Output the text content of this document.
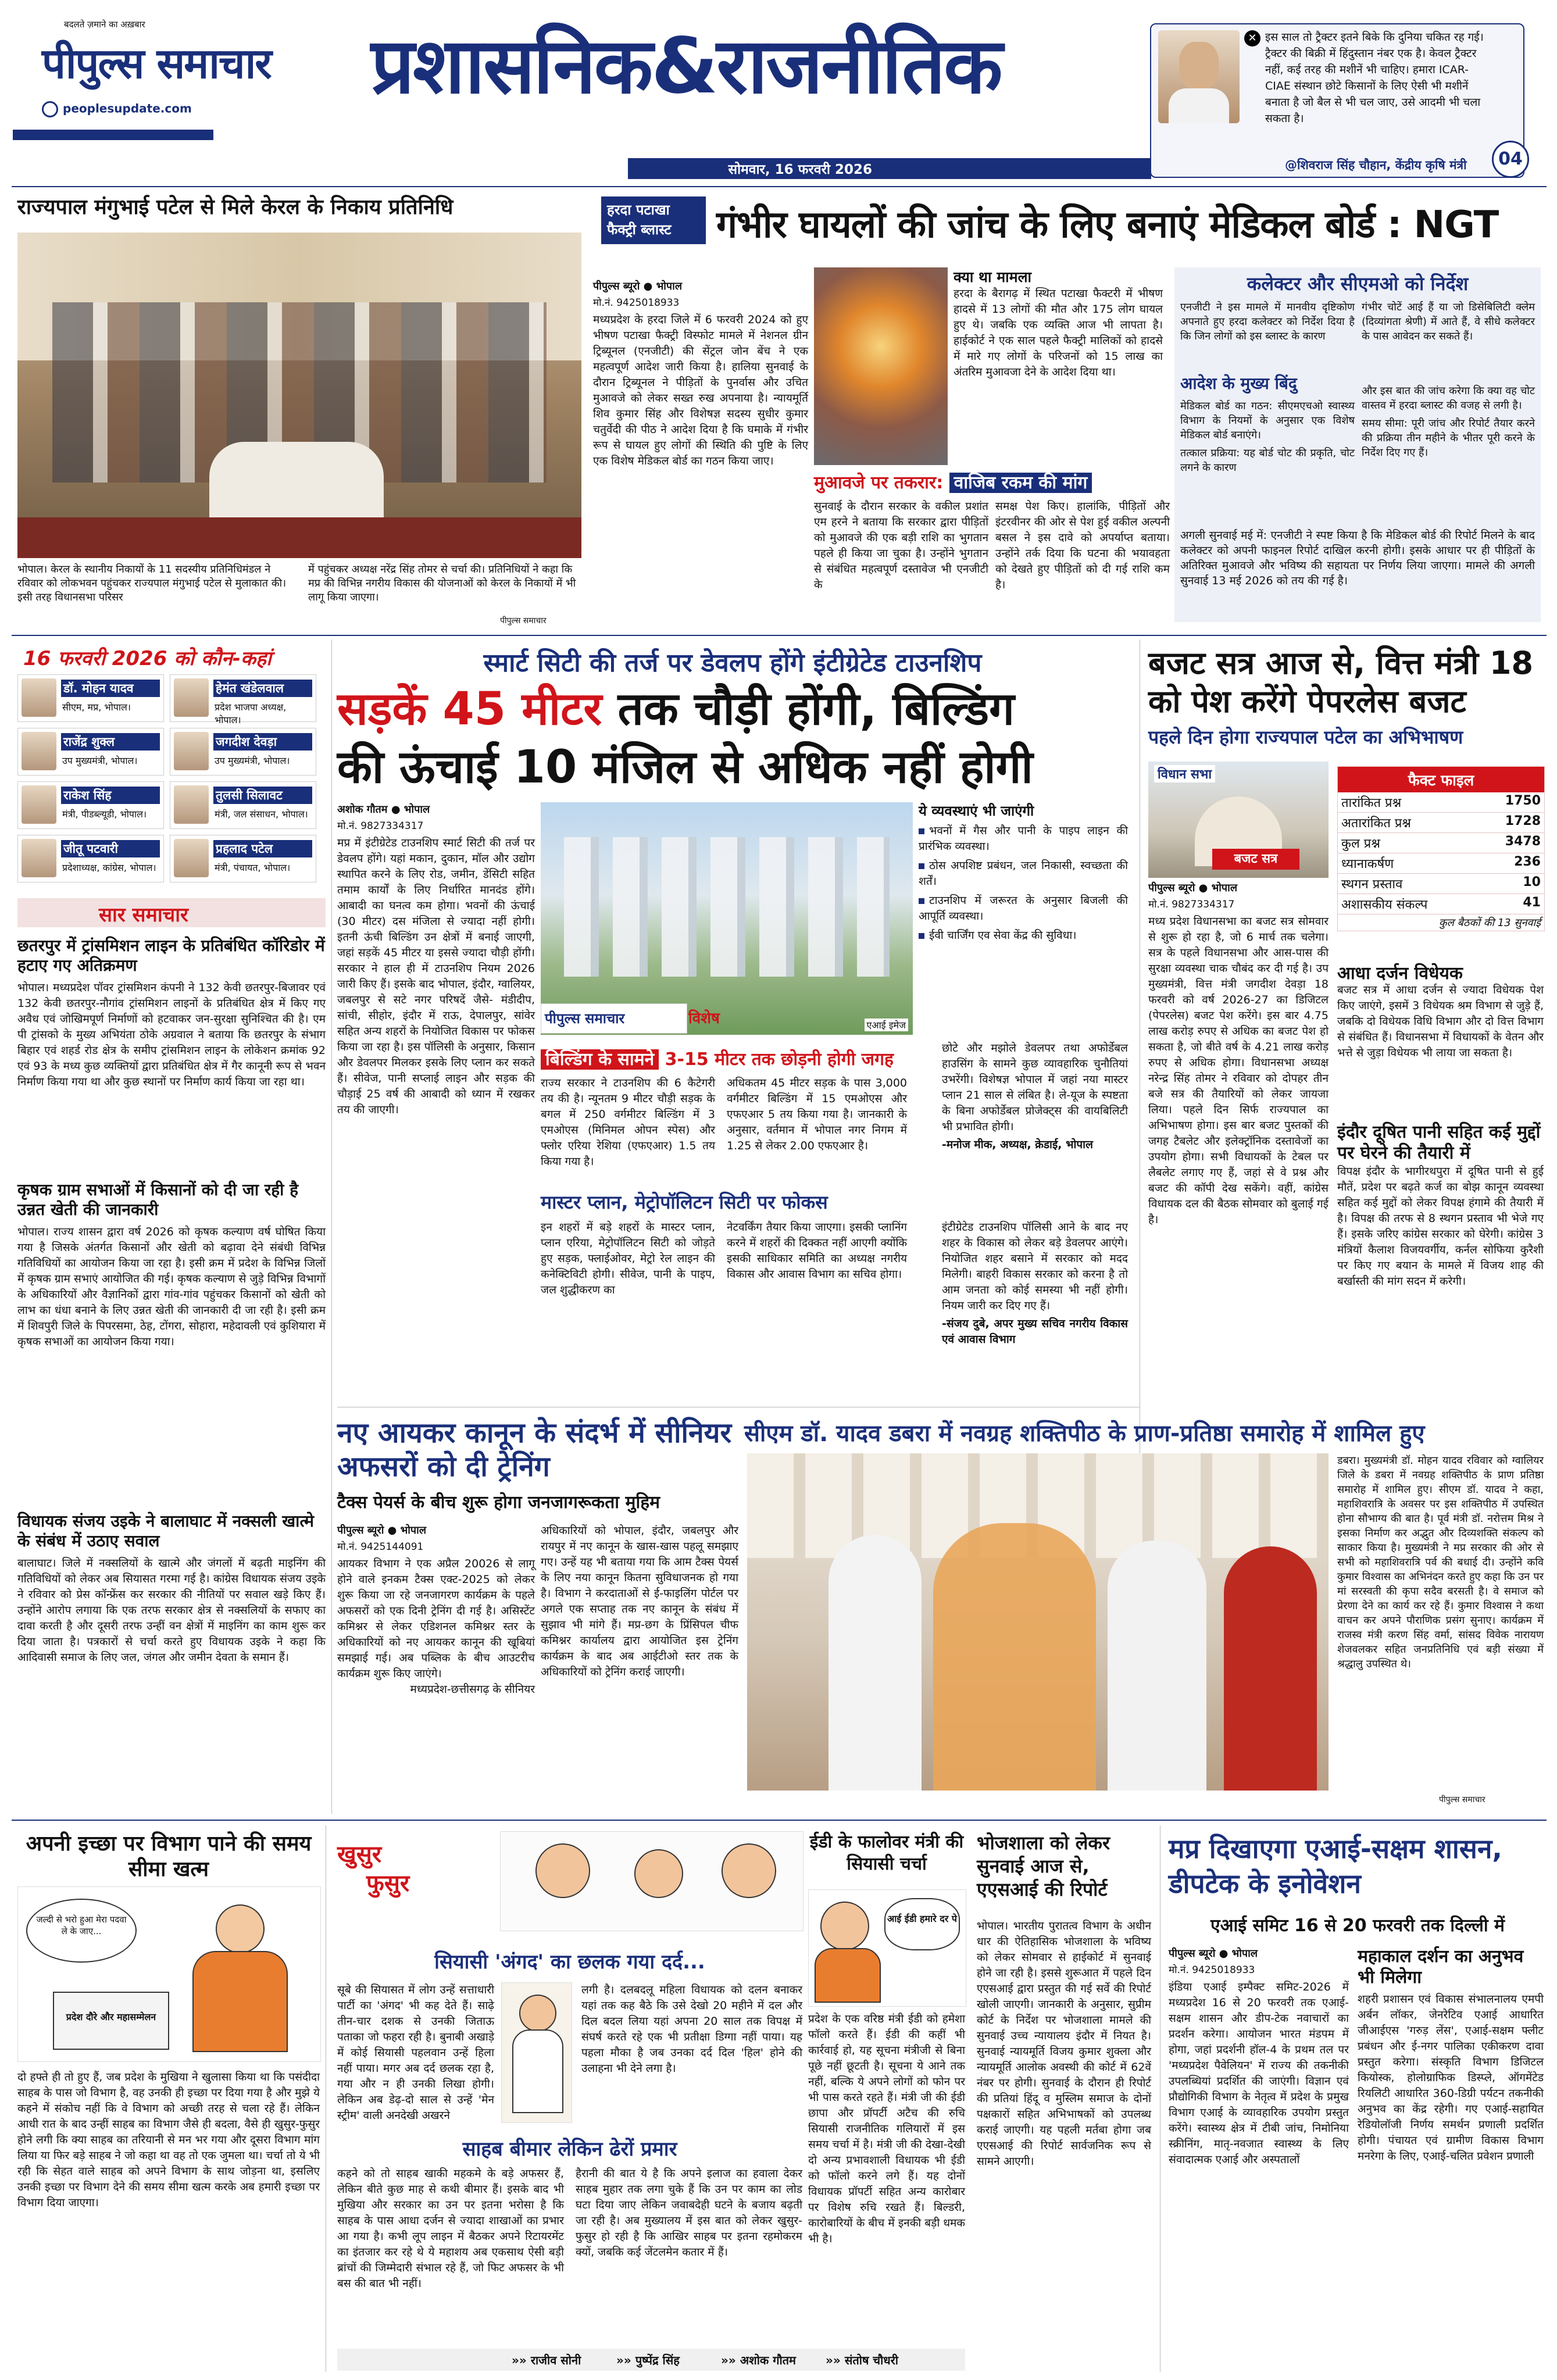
बदलते ज़माने का अख़बार
पीपुल्स समाचार
peoplesupdate.com प्रशासनिक&राजनीतिक
सोमवार, 16 फरवरी 2026
✕ इस साल तो ट्रैक्टर इतने बिके कि दुनिया चकित रह गई। ट्रैक्टर की बिक्री में हिंदुस्तान नंबर एक है। केवल ट्रैक्टर नहीं, कई तरह की मशीनें भी चाहिए। हमारा ICAR-CIAE संस्थान छोटे किसानों के लिए ऐसी भी मशीनें बनाता है जो बैल से भी चल जाए, उसे आदमी भी चला सकता है।
@शिवराज सिंह चौहान, केंद्रीय कृषि मंत्री	04
राज्यपाल मंगुभाई पटेल से मिले केरल के निकाय प्रतिनिधि

भोपाल। केरल के स्थानीय निकायों के 11 सदस्यीय प्रतिनिधिमंडल ने रविवार को लोकभवन पहुंचकर राज्यपाल मंगुभाई पटेल से मुलाकात की। इसी तरह विधानसभा परिसर

में पहुंचकर अध्यक्ष नरेंद्र सिंह तोमर से चर्चा की। प्रतिनिधियों ने कहा कि मप्र की विभिन्न नगरीय विकास की योजनाओं को केरल के निकायों में भी लागू किया जाएगा।

पीपुल्स समाचार
हरदा पटाखा
फैक्ट्री ब्लास्ट	गंभीर घायलों की जांच के लिए बनाएं मेडिकल बोर्ड : NGT

पीपुल्स ब्यूरो ● भोपाल

मो.नं. 9425018933

मध्यप्रदेश के हरदा जिले में 6 फरवरी 2024 को हुए भीषण पटाखा फैक्ट्री विस्फोट मामले में नेशनल ग्रीन ट्रिब्यूनल (एनजीटी) की सेंट्रल जोन बेंच ने एक महत्वपूर्ण आदेश जारी किया है। हालिया सुनवाई के दौरान ट्रिब्यूनल ने पीड़ितों के पुनर्वास और उचित मुआवजे को लेकर सख्त रुख अपनाया है। न्यायमूर्ति शिव कुमार सिंह और विशेषज्ञ सदस्य सुधीर कुमार चतुर्वेदी की पीठ ने आदेश दिया है कि घमाके में गंभीर रूप से घायल हुए लोगों की स्थिति की पुष्टि के लिए एक विशेष मेडिकल बोर्ड का गठन किया जाए।

क्या था मामला

हरदा के बैरागढ़ में स्थित पटाखा फैक्टरी में भीषण हादसे में 13 लोगों की मौत और 175 लोग घायल हुए थे। जबकि एक व्यक्ति आज भी लापता है। हाईकोर्ट ने एक साल पहले फैक्ट्री मालिकों को हादसे में मारे गए लोगों के परिजनों को 15 लाख का अंतरिम मुआवजा देने के आदेश दिया था।

मुआवजे पर तकरार: वाजिब रकम की मांग

सुनवाई के दौरान सरकार के वकील प्रशांत एम हरने ने बताया कि सरकार द्वारा पीड़ितों को मुआवजे की एक बड़ी राशि का भुगतान पहले ही किया जा चुका है। उन्होंने भुगतान से संबंधित महत्वपूर्ण दस्तावेज भी एनजीटी के

समक्ष पेश किए। हालांकि, पीड़ितों और इंटरवीनर की ओर से पेश हुई वकील अल्पनी बसल ने इस दावे को अपर्याप्त बताया। उन्होंने तर्क दिया कि घटना की भयावहता को देखते हुए पीड़ितों को दी गई राशि कम है।

कलेक्टर और सीएमओ को निर्देश

एनजीटी ने इस मामले में मानवीय दृष्टिकोण अपनाते हुए हरदा कलेक्टर को निर्देश दिया है कि जिन लोगों को इस ब्लास्ट के कारण

गंभीर चोटें आई हैं या जो डिसेबिलिटी क्लेम (दिव्यांगता श्रेणी) में आते हैं, वे सीधे कलेक्टर के पास आवेदन कर सकते हैं।

आदेश के मुख्य बिंदु

मेडिकल बोर्ड का गठन: सीएमएचओ स्वास्थ्य विभाग के नियमों के अनुसार एक विशेष मेडिकल बोर्ड बनाएंगे।

तत्काल प्रक्रिया: यह बोर्ड चोट की प्रकृति, चोट लगने के कारण

और इस बात की जांच करेगा कि क्या वह चोट वास्तव में हरदा ब्लास्ट की वजह से लगी है।

समय सीमा: पूरी जांच और रिपोर्ट तैयार करने की प्रक्रिया तीन महीने के भीतर पूरी करने के निर्देश दिए गए हैं।

अगली सुनवाई मई में: एनजीटी ने स्पष्ट किया है कि मेडिकल बोर्ड की रिपोर्ट मिलने के बाद कलेक्टर को अपनी फाइनल रिपोर्ट दाखिल करनी होगी। इसके आधार पर ही पीड़ितों के अतिरिक्त मुआवजे और भविष्य की सहायता पर निर्णय लिया जाएगा। मामले की अगली सुनवाई 13 मई 2026 को तय की गई है।

16 फरवरी 2026 को कौन-कहां
डॉ. मोहन यादव
सीएम, मप्र, भोपाल।
हेमंत खंडेलवाल
प्रदेश भाजपा अध्यक्ष, भोपाल।
राजेंद्र शुक्ल
उप मुख्यमंत्री, भोपाल।
जगदीश देवड़ा
उप मुख्यमंत्री, भोपाल।
राकेश सिंह
मंत्री, पीडब्ल्यूडी, भोपाल।
तुलसी सिलावट
मंत्री, जल संसाधन, भोपाल।
जीतू पटवारी
प्रदेशाध्यक्ष, कांग्रेस, भोपाल।
प्रहलाद पटेल
मंत्री, पंचायत, भोपाल।
सार समाचार

छतरपुर में ट्रांसमिशन लाइन के प्रतिबंधित कॉरिडोर में हटाए गए अतिक्रमण

भोपाल। मध्यप्रदेश पॉवर ट्रांसमिशन कंपनी ने 132 केवी छतरपुर-बिजावर एवं 132 केवी छतरपुर-नौगांव ट्रांसमिशन लाइनों के प्रतिबंधित क्षेत्र में किए गए अवैध एवं जोखिमपूर्ण निर्माणों को हटवाकर जन-सुरक्षा सुनिश्चित की है। एम पी ट्रांसको के मुख्य अभियंता ठोके अग्रवाल ने बताया कि छतरपुर के संभाग बिहार एवं शहर्ड रोड क्षेत्र के समीप ट्रांसमिशन लाइन के लोकेशन क्रमांक 92 एवं 93 के मध्य कुछ व्यक्तियों द्वारा प्रतिबंधित क्षेत्र में गैर कानूनी रूप से भवन निर्माण किया गया था और कुछ स्थानों पर निर्माण कार्य किया जा रहा था।

कृषक ग्राम सभाओं में किसानों को दी जा रही है उन्नत खेती की जानकारी

भोपाल। राज्य शासन द्वारा वर्ष 2026 को कृषक कल्याण वर्ष घोषित किया गया है जिसके अंतर्गत किसानों और खेती को बढ़ावा देने संबंधी विभिन्न गतिविधियों का आयोजन किया जा रहा है। इसी क्रम में प्रदेश के विभिन्न जिलों में कृषक ग्राम सभाएं आयोजित की गई। कृषक कल्याण से जुड़े विभिन्न विभागों के अधिकारियों और वैज्ञानिकों द्वारा गांव-गांव पहुंचकर किसानों को खेती को लाभ का धंधा बनाने के लिए उन्नत खेती की जानकारी दी जा रही है। इसी क्रम में शिवपुरी जिले के पिपरसमा, ठेह, टोंगरा, सोहारा, महेदावली एवं कुशियारा में कृषक सभाओं का आयोजन किया गया।

विधायक संजय उइके ने बालाघाट में नक्सली खात्मे के संबंध में उठाए सवाल

बालाघाट। जिले में नक्सलियों के खात्मे और जंगलों में बढ़ती माइनिंग की गतिविधियों को लेकर अब सियासत गरमा गई है। कांग्रेस विधायक संजय उइके ने रविवार को प्रेस कॉन्फ्रेंस कर सरकार की नीतियों पर सवाल खड़े किए हैं। उन्होंने आरोप लगाया कि एक तरफ सरकार क्षेत्र से नक्सलियों के सफाए का दावा करती है और दूसरी तरफ उन्हीं वन क्षेत्रों में माइनिंग का काम शुरू कर दिया जाता है। पत्रकारों से चर्चा करते हुए विधायक उइके ने कहा कि आदिवासी समाज के लिए जल, जंगल और जमीन देवता के समान हैं।

स्मार्ट सिटी की तर्ज पर डेवलप होंगे इंटीग्रेटेड टाउनशिप
सड़कें 45 मीटर तक चौड़ी होंगी, बिल्डिंग
की ऊंचाई 10 मंजिल से अधिक नहीं होगी

अशोक गौतम ● भोपाल

मो.नं. 9827334317

मप्र में इंटीग्रेटेड टाउनशिप स्मार्ट सिटी की तर्ज पर डेवलप होंगे। यहां मकान, दुकान, मॉल और उद्योग स्थापित करने के लिए रोड, जमीन, डेंसिटी सहित तमाम कार्यों के लिए निर्धारित मानदंड होंगे। आबादी का घनत्व कम होगा। भवनों की ऊंचाई (30 मीटर) दस मंजिला से ज्यादा नहीं होगी। इतनी ऊंची बिल्डिंग उन क्षेत्रों में बनाई जाएगी, जहां सड़कें 45 मीटर या इससे ज्यादा चौड़ी होंगी। सरकार ने हाल ही में टाउनशिप नियम 2026 जारी किए हैं। इसके बाद भोपाल, इंदौर, ग्वालियर, जबलपुर से सटे नगर परिषदें जैसे- मंडीदीप, सांची, सीहोर, इंदौर में राऊ, देपालपुर, सांवेर सहित अन्य शहरों के नियोजित विकास पर फोकस किया जा रहा है। इस पॉलिसी के अनुसार, किसान और डेवलपर मिलकर इसके लिए प्लान कर सकते हैं। सीवेज, पानी सप्लाई लाइन और सड़क की चौड़ाई 25 वर्ष की आबादी को ध्यान में रखकर तय की जाएगी।

एआई इमेज
पीपुल्स समाचार	विशेष

ये व्यवस्थाएं भी जाएंगी

भवनों में गैस और पानी के पाइप लाइन की प्रारंभिक व्यवस्था।

ठोस अपशिष्ट प्रबंधन, जल निकासी, स्वच्छता की शर्तें।

टाउनशिप में जरूरत के अनुसार बिजली की आपूर्ति व्यवस्था।

ईवी चार्जिंग एव सेवा केंद्र की सुविधा।

बिल्डिंग के सामने 3-15 मीटर तक छोड़नी होगी जगह

राज्य सरकार ने टाउनशिप की 6 कैटेगरी तय की है। न्यूनतम 9 मीटर चौड़ी सड़क के बगल में 250 वर्गमीटर बिल्डिंग में 3 एमओएस (मिनिमल ओपन स्पेस) और फ्लोर एरिया रेशिया (एफएआर) 1.5 तय किया गया है।

अधिकतम 45 मीटर सड़क के पास 3,000 वर्गमीटर बिल्डिंग में 15 एमओएस और एफएआर 5 तय किया गया है। जानकारी के अनुसार, वर्तमान में भोपाल नगर निगम में 1.25 से लेकर 2.00 एफएआर है।

छोटे और मझोले डेवलपर तथा अफोर्डेबल हाउसिंग के सामने कुछ व्यावहारिक चुनौतियां उभरेंगी। विशेषज्ञ भोपाल में जहां नया मास्टर प्लान 21 साल से लंबित है। ले-यूज के स्पष्टता के बिना अफोर्डेबल प्रोजेक्ट्स की वायबिलिटी भी प्रभावित होगी।

-मनोज मीक, अध्यक्ष, क्रेडाई, भोपाल

मास्टर प्लान, मेट्रोपॉलिटन सिटी पर फोकस

इन शहरों में बड़े शहरों के मास्टर प्लान, प्लान एरिया, मेट्रोपॉलिटन सिटी को जोड़ते हुए सड़क, फ्लाईओवर, मेट्रो रेल लाइन की कनेक्टिविटी होगी। सीवेज, पानी के पाइप, जल शुद्धीकरण का

नेटवर्किंग तैयार किया जाएगा। इसकी प्लानिंग करने में शहरों की दिक्कत नहीं आएगी क्योंकि इसकी साधिकार समिति का अध्यक्ष नगरीय विकास और आवास विभाग का सचिव होगा।

इंटीग्रेटेड टाउनशिप पॉलिसी आने के बाद नए शहर के विकास को लेकर बड़े डेवलपर आएंगे। नियोजित शहर बसाने में सरकार को मदद मिलेगी। बाहरी विकास सरकार को करना है तो आम जनता को कोई समस्या भी नहीं होगी। नियम जारी कर दिए गए हैं।

-संजय दुबे, अपर मुख्य सचिव नगरीय विकास एवं आवास विभाग

बजट सत्र आज से, वित्त मंत्री 18 को पेश करेंगे पेपरलेस बजट
पहले दिन होगा राज्यपाल पटेल का अभिभाषण
विधान सभा
बजट सत्र

पीपुल्स ब्यूरो ● भोपाल

मो.नं. 9827334317

मध्य प्रदेश विधानसभा का बजट सत्र सोमवार से शुरू हो रहा है, जो 6 मार्च तक चलेगा। सत्र के पहले विधानसभा और आस-पास की सुरक्षा व्यवस्था चाक चौबंद कर दी गई है। उप मुख्यमंत्री, वित्त मंत्री जगदीश देवड़ा 18 फरवरी को वर्ष 2026-27 का डिजिटल (पेपरलेस) बजट पेश करेंगे। इस बार 4.75 लाख करोड़ रुपए से अधिक का बजट पेश हो सकता है, जो बीते वर्ष के 4.21 लाख करोड़ रुपए से अधिक होगा। विधानसभा अध्यक्ष नरेन्द्र सिंह तोमर ने रविवार को दोपहर तीन बजे सत्र की तैयारियों को लेकर जायजा लिया। पहले दिन सिर्फ राज्यपाल का अभिभाषण होगा। इस बार बजट पुस्तकों की जगह टैबलेट और इलेक्ट्रॉनिक दस्तावेजों का उपयोग होगा। सभी विधायकों के टेबल पर लैबलेट लगाए गए हैं, जहां से वे प्रश्न और बजट की कॉपी देख सकेंगे। वहीं, कांग्रेस विधायक दल की बैठक सोमवार को बुलाई गई है।

फैक्ट फाइल
तारांकित प्रश्न	1750
अतारांकित प्रश्न	1728
कुल प्रश्न	3478
ध्यानाकर्षण	236
स्थगन प्रस्ताव	10
अशासकीय संकल्प	41
कुल बैठकों की 13 सुनवाई

आधा दर्जन विधेयक

बजट सत्र में आधा दर्जन से ज्यादा विधेयक पेश किए जाएंगे, इसमें 3 विधेयक श्रम विभाग से जुड़े हैं, जबकि दो विधेयक विधि विभाग और दो वित्त विभाग से संबंधित हैं। विधानसभा में विधायकों के वेतन और भत्ते से जुड़ा विधेयक भी लाया जा सकता है।

इंदौर दूषित पानी सहित कई मुद्दों पर घेरने की तैयारी में

विपक्ष इंदौर के भागीरथपुरा में दूषित पानी से हुई मौतें, प्रदेश पर बढ़ते कर्ज का बोझ कानून व्यवस्था सहित कई मुद्दों को लेकर विपक्ष हंगामे की तैयारी में है। विपक्ष की तरफ से 8 स्थगन प्रस्ताव भी भेजे गए हैं। इसके जरिए कांग्रेस सरकार को घेरेगी। कांग्रेस 3 मंत्रियों कैलाश विजयवर्गीय, कर्नल सोफिया कुरैशी पर किए गए बयान के मामले में विजय शाह की बर्खास्ती की मांग सदन में करेगी।

नए आयकर कानून के संदर्भ में सीनियर अफसरों को दी ट्रेनिंग
टैक्स पेयर्स के बीच शुरू होगा जनजागरूकता मुहिम

पीपुल्स ब्यूरो ● भोपाल

मो.नं. 9425144091

आयकर विभाग ने एक अप्रैल 20026 से लागू होने वाले इनकम टैक्स एक्ट-2025 को लेकर शुरू किया जा रहे जनजागरण कार्यक्रम के पहले अफसरों को एक दिनी ट्रेनिंग दी गई है। असिस्टेंट कमिश्नर से लेकर एडिशनल कमिश्नर स्तर के अधिकारियों को नए आयकर कानून की खूबियां समझाई गई। अब पब्लिक के बीच आउटरीच कार्यक्रम शुरू किए जाएंगे।

मध्यप्रदेश-छत्तीसगढ़ के सीनियर

अधिकारियों को भोपाल, इंदौर, जबलपुर और रायपुर में नए कानून के खास-खास पहलू समझाए गए। उन्हें यह भी बताया गया कि आम टैक्स पेयर्स के लिए नया कानून कितना सुविधाजनक हो गया है। विभाग ने करदाताओं से ई-फाइलिंग पोर्टल पर अगले एक सप्ताह तक नए कानून के संबंध में सुझाव भी मांगे हैं। मप्र-छग के प्रिंसिपल चीफ कमिश्नर कार्यालय द्वारा आयोजित इस ट्रेनिंग कार्यक्रम के बाद अब आईटीओ स्तर तक के अधिकारियों को ट्रेनिंग कराई जाएगी।

सीएम डॉ. यादव डबरा में नवग्रह शक्तिपीठ के प्राण-प्रतिष्ठा समारोह में शामिल हुए

डबरा। मुख्यमंत्री डॉ. मोहन यादव रविवार को ग्वालियर जिले के डबरा में नवग्रह शक्तिपीठ के प्राण प्रतिष्ठा समारोह में शामिल हुए। सीएम डॉ. यादव ने कहा, महाशिवरात्रि के अवसर पर इस शक्तिपीठ में उपस्थित होना सौभाग्य की बात है। पूर्व मंत्री डॉ. नरोत्तम मिश्र ने इसका निर्माण कर अद्भुत और दिव्यशक्ति संकल्प को साकार किया है। मुख्यमंत्री ने मप्र सरकार की ओर से सभी को महाशिवरात्रि पर्व की बधाई दी। उन्होंने कवि कुमार विश्वास का अभिनंदन करते हुए कहा कि उन पर मां सरस्वती की कृपा सदैव बरसती है। वे समाज को प्रेरणा देने का कार्य कर रहे हैं। कुमार विश्वास ने कथा वाचन कर अपने पौराणिक प्रसंग सुनाए। कार्यक्रम में राजस्व मंत्री करण सिंह वर्मा, सांसद विवेक नारायण शेजवलकर सहित जनप्रतिनिधि एवं बड़ी संख्या में श्रद्धालु उपस्थित थे।

पीपुल्स समाचार
अपनी इच्छा पर विभाग पाने की समय सीमा खत्म
जल्दी से भरो हुआ मेरा पदवा ले के जाए...
प्रदेश दौरे और महासम्मेलन

दो हफ्ते ही तो हुए हैं, जब प्रदेश के मुखिया ने खुलासा किया था कि पसंदीदा साहब के पास जो विभाग है, वह उनकी ही इच्छा पर दिया गया है और मुझे ये कहने में संकोच नहीं कि वे विभाग को अच्छी तरह से चला रहे हैं। लेकिन आधी रात के बाद उन्हीं साहब का विभाग जैसे ही बदला, वैसे ही खुसुर-फुसुर होने लगी कि क्या साहब का तरियानी से मन भर गया और दूसरा विभाग मांग लिया या फिर बड़े साहब ने जो कहा था वह तो एक जुमला था। चर्चा तो ये भी रही कि सेहत वाले साहब को अपने विभाग के साथ जोड़ना था, इसलिए उनकी इच्छा पर विभाग देने की समय सीमा खत्म करके अब हमारी इच्छा पर विभाग दिया जाएगा।

खुसुर
फुसुर
सियासी 'अंगद' का छलक गया दर्द...

सूबे की सियासत में लोग उन्हें सत्ताधारी पार्टी का 'अंगद' भी कह देते हैं। साढ़े तीन-चार दशक से उनकी जिताऊ पताका जो फहरा रही है। बुनाबी अखाड़े में कोई सियासी पहलवान उन्हें हिला नहीं पाया। मगर अब दर्द छलक रहा है, गया और न ही उनकी लिखा होगी। लेकिन अब डेढ़-दो साल से उन्हें 'मेन स्ट्रीम' वाली अनदेखी अखरने

लगी है। दलबदलू महिला विधायक को दलन बनाकर यहां तक कह बैठे कि उसे देखो 20 महीने में दल और दिल बदल लिया यहां अपना 20 साल तक विपक्ष में संघर्ष करते रहे एक भी प्रतीक्षा डिग्गा नहीं पाया। यह पहला मौका है जब उनका दर्द दिल 'हिल' होने की उलाहना भी देने लगा है।

साहब बीमार लेकिन ढेरों प्रमार

कहने को तो साहब खाकी महकमे के बड़े अफसर हैं, लेकिन बीते कुछ माह से कथी बीमार हैं। इसके बाद भी मुखिया और सरकार का उन पर इतना भरोसा है कि साहब के पास आधा दर्जन से ज्यादा शाखाओं का प्रभार आ गया है। कभी लूप लाइन में बैठकर अपने रिटायरमेंट का इंतजार कर रहे थे ये महाशय अब एकसाथ ऐसी बड़ी ब्रांचों की जिम्मेदारी संभाल रहे हैं, जो फिट अफसर के भी बस की बात भी नहीं।

हैरानी की बात ये है कि अपने इलाज का हवाला देकर साहब मुहार तक लगा चुके हैं कि उन पर काम का लोड घटा दिया जाए लेकिन जवाबदेही घटने के बजाय बढ़ती जा रही है। अब मुख्यालय में इस बात को लेकर खुसुर-फुसुर हो रही है कि आखिर साहब पर इतना रहमोकरम क्यों, जबकि कई जेंटलमेन कतार में हैं।

»» राजीव सोनी	»» पुष्पेंद्र सिंह	»» अशोक गौतम	»» संतोष चौधरी
ईडी के फालोवर मंत्री की सियासी चर्चा
आई ईडी हमारे दर पे

प्रदेश के एक वरिष्ठ मंत्री ईडी को हमेशा फॉलो करते हैं। ईडी की कहीं भी कार्रवाई हो, यह सूचना मंत्रीजी से बिना पूछे नहीं छूटती है। सूचना ये आने तक नहीं, बल्कि ये अपने लोगों को फोन पर भी पास करते रहते हैं। मंत्री जी की ईडी छापा और प्रॉपर्टी अटैच की रुचि सियासी राजनीतिक गलियारों में इस समय चर्चा में है। मंत्री जी की देखा-देखी दो अन्य प्रभावशाली विधायक भी ईडी को फॉलो करने लगे हैं। यह दोनों विधायक प्रॉपर्टी सहित अन्य कारोबार पर विशेष रुचि रखते हैं। बिल्डरी, कारोबारियों के बीच में इनकी बड़ी धमक भी है।

भोजशाला को लेकर सुनवाई आज से, एएसआई की रिपोर्ट

भोपाल। भारतीय पुरातत्व विभाग के अधीन धार की ऐतिहासिक भोजशाला के भविष्य को लेकर सोमवार से हाईकोर्ट में सुनवाई होने जा रही है। इससे शुरूआत में पहले दिन एएसआई द्वारा प्रस्तुत की गई सर्वे की रिपोर्ट खोली जाएगी। जानकारी के अनुसार, सुप्रीम कोर्ट के निर्देश पर भोजशाला मामले की सुनवाई उच्च न्यायालय इंदौर में नियत है। सुनवाई न्यायमूर्ति विजय कुमार शुक्ला और न्यायमूर्ति आलोक अवस्थी की कोर्ट में 62वें नंबर पर होगी। सुनवाई के दौरान ही रिपोर्ट की प्रतियां हिंदू व मुस्लिम समाज के दोनों पक्षकारों सहित अभिभाषकों को उपलब्ध कराई जाएगी। यह पहली मर्तबा होगा जब एएसआई की रिपोर्ट सार्वजनिक रूप से सामने आएगी।

मप्र दिखाएगा एआई-सक्षम शासन, डीपटेक के इनोवेशन
एआई समिट 16 से 20 फरवरी तक दिल्ली में

पीपुल्स ब्यूरो ● भोपाल

मो.नं. 9425018933

इंडिया एआई इम्पैक्ट समिट-2026 में मध्यप्रदेश 16 से 20 फरवरी तक एआई-सक्षम शासन और डीप-टेक नवाचारों का प्रदर्शन करेगा। आयोजन भारत मंडपम में होगा, जहां प्रदर्शनी हॉल-4 के प्रथम तल पर 'मध्यप्रदेश पैवेलियन' में राज्य की तकनीकी उपलब्धियां प्रदर्शित की जाएंगी। विज्ञान एवं प्रौद्योगिकी विभाग के नेतृत्व में प्रदेश के प्रमुख विभाग एआई के व्यावहारिक उपयोग प्रस्तुत करेंगे। स्वास्थ्य क्षेत्र में टीबी जांच, निमोनिया स्क्रीनिंग, मातृ-नवजात स्वास्थ्य के लिए संवादात्मक एआई और अस्पतालों

महाकाल दर्शन का अनुभव भी मिलेगा

शहरी प्रशासन एवं विकास संभालनालय एमपी अर्बन लॉकर, जेनरेटिव एआई आधारित जीआईएस 'गरुड़ लेंस', एआई-सक्षम फ्लीट प्रबंधन और ई-नगर पालिका एकीकरण दावा प्रस्तुत करेगा। संस्कृति विभाग डिजिटल कियोस्क, होलोग्राफिक डिस्प्ले, ऑगमेंटेड रियलिटी आधारित 360-डिग्री पर्यटन तकनीकी अनुभव का केंद्र रहेगी। गए एआई-सहायित रेडियोलॉजी निर्णय समर्थन प्रणाली प्रदर्शित होगी। पंचायत एवं ग्रामीण विकास विभाग मनरेगा के लिए, एआई-चलित प्रवेशन प्रणाली
